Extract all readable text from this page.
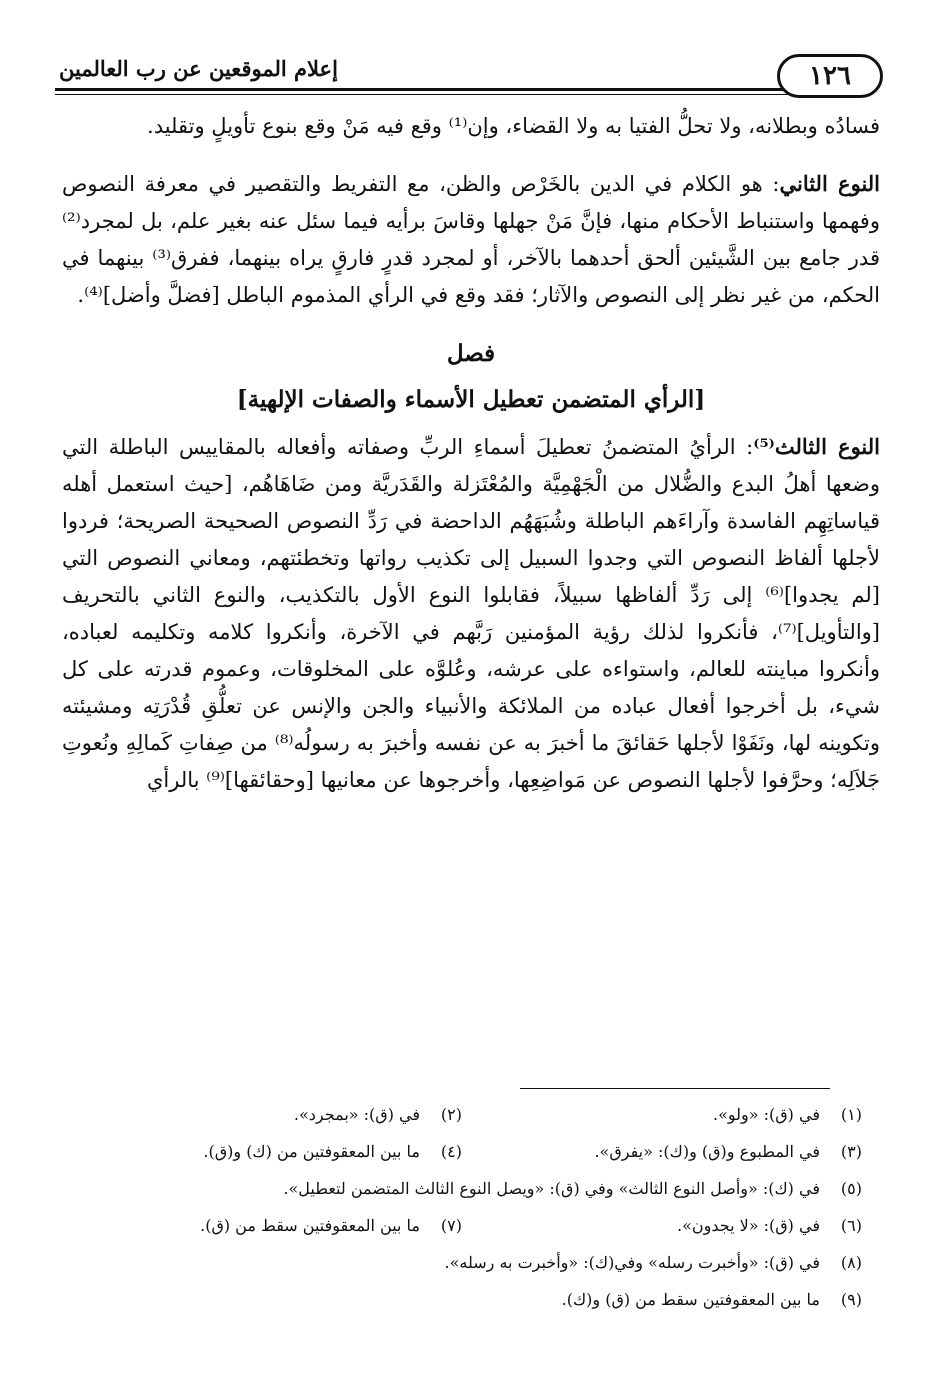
١٢٦
إعلام الموقعين عن رب العالمين

فسادُه وبطلانه، ولا تحلُّ الفتيا به ولا القضاء، وإن⁽¹⁾ وقع فيه مَنْ وقع بنوع تأويلٍ وتقليد.

النوع الثاني: هو الكلام في الدين بالخَرْص والظن، مع التفريط والتقصير في معرفة النصوص وفهمها واستنباط الأحكام منها، فإنَّ مَنْ جهلها وقاسَ برأيه فيما سئل عنه بغير علم، بل لمجرد⁽²⁾ قدر جامع بين الشَّيئين ألحق أحدهما بالآخر، أو لمجرد قدرٍ فارقٍ يراه بينهما، ففرق⁽³⁾ بينهما في الحكم، من غير نظر إلى النصوص والآثار؛ فقد وقع في الرأي المذموم الباطل [فضلَّ وأضل]⁽⁴⁾.

فصل
[الرأي المتضمن تعطيل الأسماء والصفات الإلهية]

النوع الثالث⁽⁵⁾: الرأيُ المتضمنُ تعطيلَ أسماءِ الربِّ وصفاته وأفعاله بالمقاييس الباطلة التي وضعها أهلُ البدع والضُّلال من الْجَهْمِيَّة والمُعْتَزلة والقَدَريَّة ومن ضَاهَاهُم، [حيث استعمل أهله قياساتِهِم الفاسدة وآراءَهم الباطلة وشُبَهَهُم الداحضة في رَدِّ النصوص الصحيحة الصريحة؛ فردوا لأجلها ألفاظ النصوص التي وجدوا السبيل إلى تكذيب رواتها وتخطئتهم، ومعاني النصوص التي [لم يجدوا]⁽⁶⁾ إلى رَدِّ ألفاظها سبيلاً، فقابلوا النوع الأول بالتكذيب، والنوع الثاني بالتحريف [والتأويل]⁽⁷⁾، فأنكروا لذلك رؤية المؤمنين رَبَّهم في الآخرة، وأنكروا كلامه وتكليمه لعباده، وأنكروا مباينته للعالم، واستواءه على عرشه، وعُلوَّه على المخلوقات، وعموم قدرته على كل شيء، بل أخرجوا أفعال عباده من الملائكة والأنبياء والجن والإنس عن تعلُّقِ قُدْرَتِه ومشيئته وتكوينه لها، ونَفَوْا لأجلها حَقائقَ ما أخبرَ به عن نفسه وأخبرَ به رسولُه⁽⁸⁾ من صِفاتِ كَمالِهِ ونُعوتِ جَلاَلِه؛ وحرَّفوا لأجلها النصوص عن مَواضِعِها، وأخرجوها عن معانيها [وحقائقها]⁽⁹⁾ بالرأي

(١)في (ق): «ولو».
(٢)في (ق): «بمجرد».
(٣)في المطبوع و(ق) و(ك): «يفرق».
(٤)ما بين المعقوفتين من (ك) و(ق).
(٥)في (ك): «وأصل النوع الثالث» وفي (ق): «ويصل النوع الثالث المتضمن لتعطيل».
(٦)في (ق): «لا يجدون».
(٧)ما بين المعقوفتين سقط من (ق).
(٨)في (ق): «وأخبرت رسله» وفي(ك): «وأخبرت به رسله».
(٩)ما بين المعقوفتين سقط من (ق) و(ك).
